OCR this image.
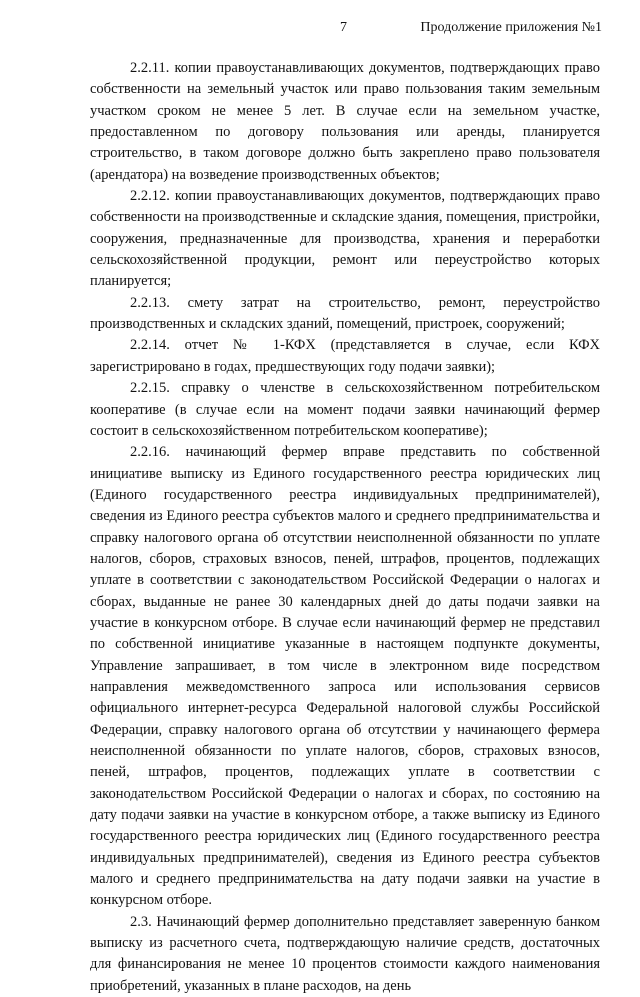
7	Продолжение приложения №1

2.2.11. копии правоустанавливающих документов, подтверждающих право собственности на земельный участок или право пользования таким земельным участком сроком не менее 5 лет. В случае если на земельном участке, предоставленном по договору пользования или аренды, планируется строительство, в таком договоре должно быть закреплено право пользователя (арендатора) на возведение производственных объектов;

2.2.12. копии правоустанавливающих документов, подтверждающих право собственности на производственные и складские здания, помещения, пристройки, сооружения, предназначенные для производства, хранения и переработки сельскохозяйственной продукции, ремонт или переустройство которых планируется;

2.2.13. смету затрат на строительство, ремонт, переустройство производственных и складских зданий, помещений, пристроек, сооружений;

2.2.14. отчет № 1-КФХ (представляется в случае, если КФХ зарегистрировано в годах, предшествующих году подачи заявки);

2.2.15. справку о членстве в сельскохозяйственном потребительском кооперативе (в случае если на момент подачи заявки начинающий фермер состоит в сельскохозяйственном потребительском кооперативе);

2.2.16. начинающий фермер вправе представить по собственной инициативе выписку из Единого государственного реестра юридических лиц (Единого государственного реестра индивидуальных предпринимателей), сведения из Единого реестра субъектов малого и среднего предпринимательства и справку налогового органа об отсутствии неисполненной обязанности по уплате налогов, сборов, страховых взносов, пеней, штрафов, процентов, подлежащих уплате в соответствии с законодательством Российской Федерации о налогах и сборах, выданные не ранее 30 календарных дней до даты подачи заявки на участие в конкурсном отборе. В случае если начинающий фермер не представил по собственной инициативе указанные в настоящем подпункте документы, Управление запрашивает, в том числе в электронном виде посредством направления межведомственного запроса или использования сервисов официального интернет-ресурса Федеральной налоговой службы Российской Федерации, справку налогового органа об отсутствии у начинающего фермера неисполненной обязанности по уплате налогов, сборов, страховых взносов, пеней, штрафов, процентов, подлежащих уплате в соответствии с законодательством Российской Федерации о налогах и сборах, по состоянию на дату подачи заявки на участие в конкурсном отборе, а также выписку из Единого государственного реестра юридических лиц (Единого государственного реестра индивидуальных предпринимателей), сведения из Единого реестра субъектов малого и среднего предпринимательства на дату подачи заявки на участие в конкурсном отборе.

2.3. Начинающий фермер дополнительно представляет заверенную банком выписку из расчетного счета, подтверждающую наличие средств, достаточных для финансирования не менее 10 процентов стоимости каждого наименования приобретений, указанных в плане расходов, на день
